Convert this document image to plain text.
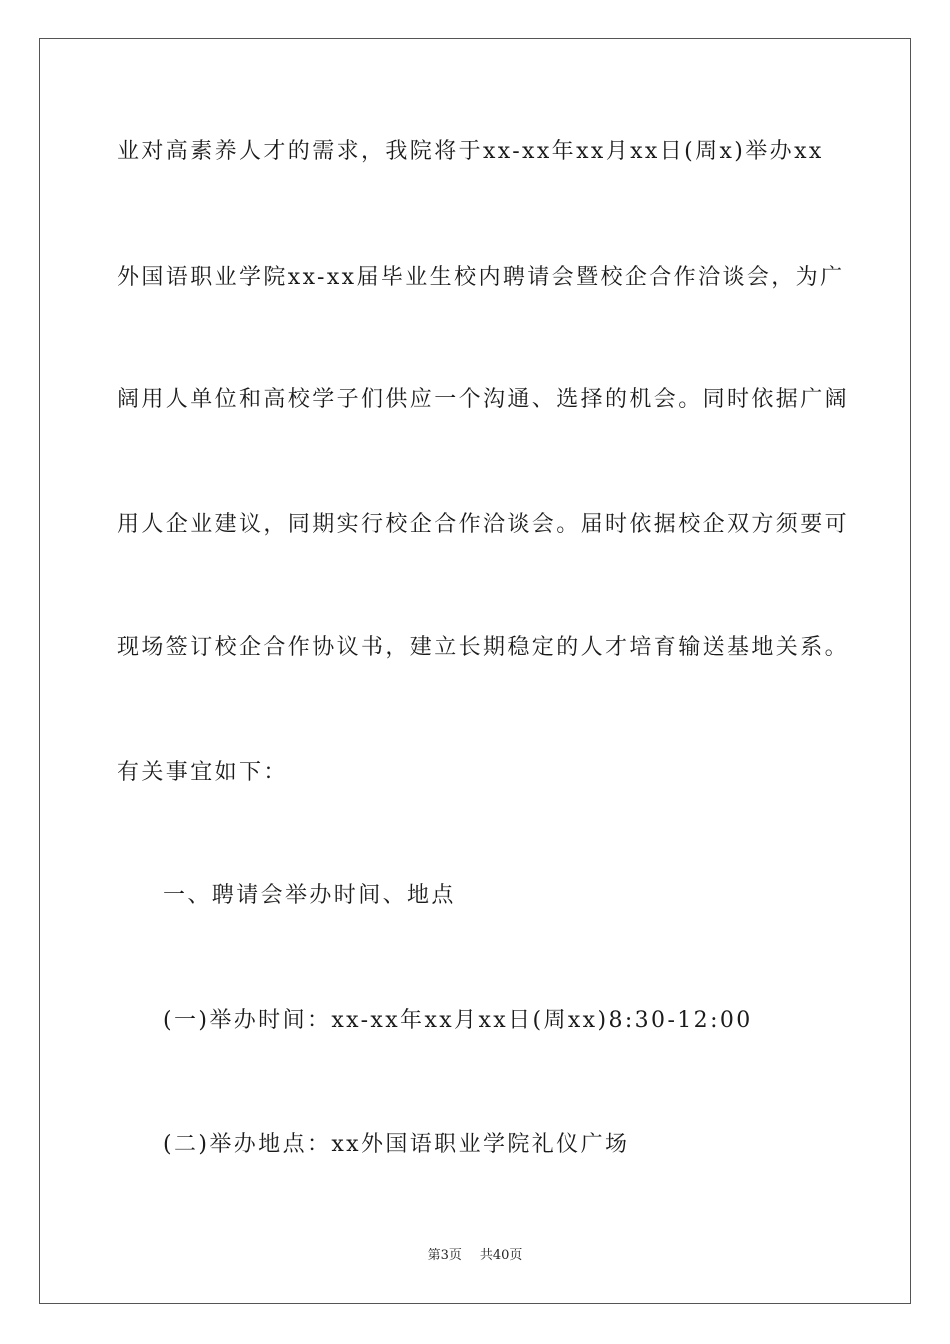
业对高素养人才的需求，我院将于xx-xx年xx月xx日(周x)举办xx
外国语职业学院xx-xx届毕业生校内聘请会暨校企合作洽谈会，为广
阔用人单位和高校学子们供应一个沟通、选择的机会。同时依据广阔
用人企业建议，同期实行校企合作洽谈会。届时依据校企双方须要可
现场签订校企合作协议书，建立长期稳定的人才培育输送基地关系。
有关事宜如下：
一、聘请会举办时间、地点
(一)举办时间：xx-xx年xx月xx日(周xx)8:30-12:00
(二)举办地点：xx外国语职业学院礼仪广场
第3页 共40页
